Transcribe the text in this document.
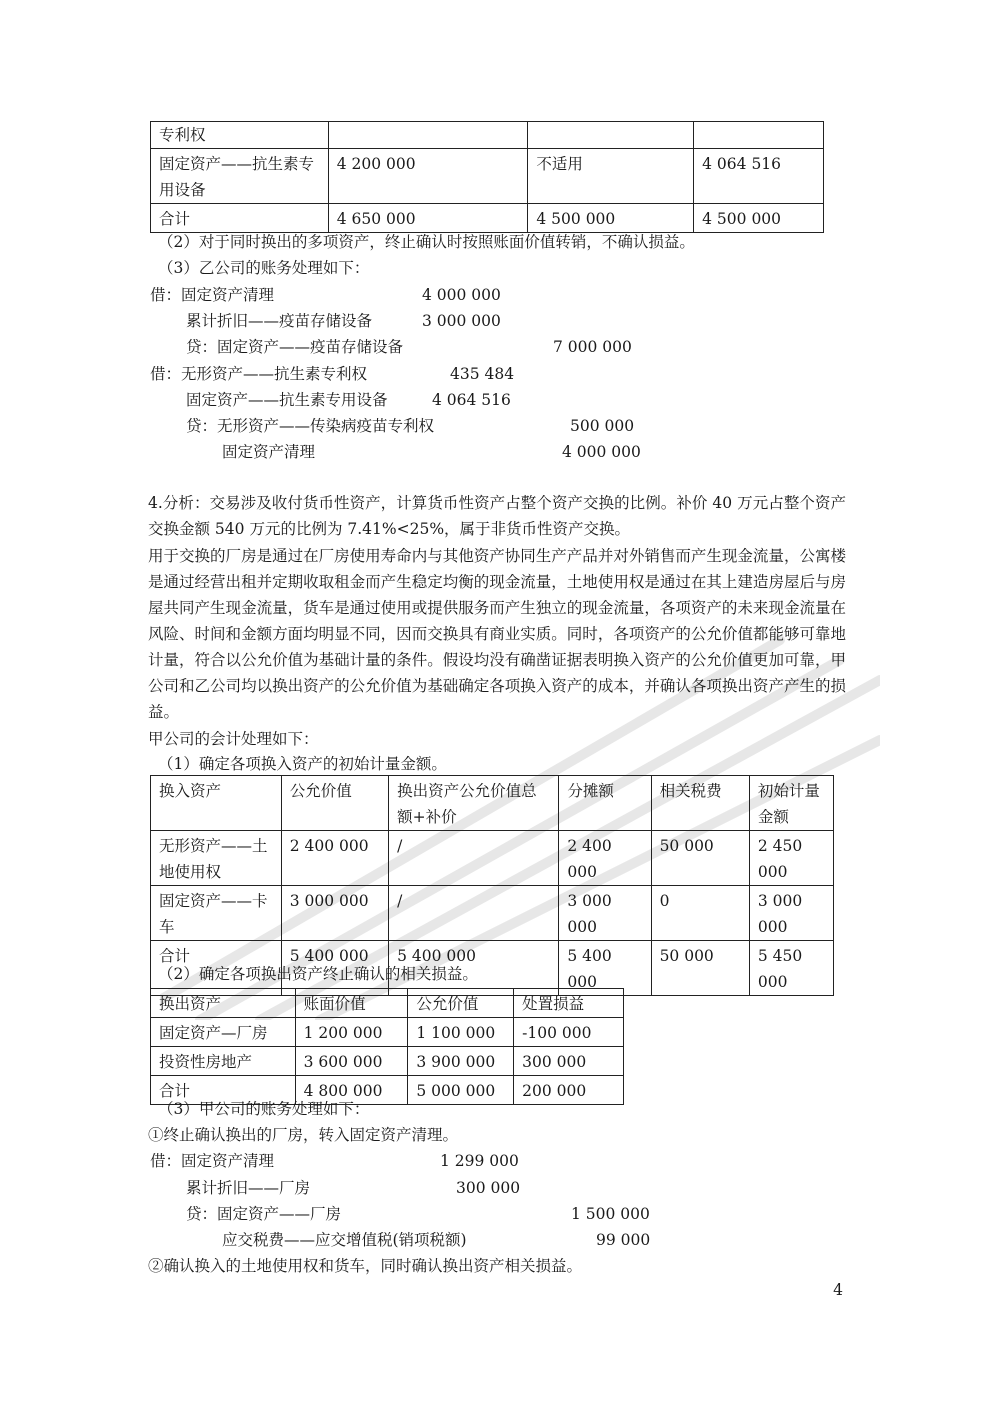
专利权			
固定资产——抗生素专用设备	4 200 000	不适用	4 064 516
合计	4 650 000	4 500 000	4 500 000
（2）对于同时换出的多项资产，终止确认时按照账面价值转销，不确认损益。
（3）乙公司的账务处理如下：
借：固定资产清理	4 000 000
累计折旧——疫苗存储设备	3 000 000
贷：固定资产——疫苗存储设备	7 000 000
借：无形资产——抗生素专利权	435 484
固定资产——抗生素专用设备	4 064 516
贷：无形资产——传染病疫苗专利权	500 000
固定资产清理	4 000 000
4.分析：交易涉及收付货币性资产，计算货币性资产占整个资产交换的比例。补价 40 万元占整个资产交换金额 540 万元的比例为 7.41%<25%，属于非货币性资产交换。
用于交换的厂房是通过在厂房使用寿命内与其他资产协同生产产品并对外销售而产生现金流量，公寓楼是通过经营出租并定期收取租金而产生稳定均衡的现金流量，土地使用权是通过在其上建造房屋后与房屋共同产生现金流量，货车是通过使用或提供服务而产生独立的现金流量，各项资产的未来现金流量在风险、时间和金额方面均明显不同，因而交换具有商业实质。同时，各项资产的公允价值都能够可靠地计量，符合以公允价值为基础计量的条件。假设均没有确凿证据表明换入资产的公允价值更加可靠，甲公司和乙公司均以换出资产的公允价值为基础确定各项换入资产的成本，并确认各项换出资产产生的损益。
甲公司的会计处理如下：
（1）确定各项换入资产的初始计量金额。
换入资产	公允价值	换出资产公允价值总额+补价	分摊额	相关税费	初始计量金额
无形资产——土地使用权	2 400 000	/	2 400 000	50 000	2 450 000
固定资产——卡车	3 000 000	/	3 000 000	0	3 000 000
合计	5 400 000	5 400 000	5 400 000	50 000	5 450 000
（2）确定各项换出资产终止确认的相关损益。
换出资产	账面价值	公允价值	处置损益
固定资产—厂房	1 200 000	1 100 000	-100 000
投资性房地产	3 600 000	3 900 000	300 000
合计	4 800 000	5 000 000	200 000
（3）甲公司的账务处理如下：
①终止确认换出的厂房，转入固定资产清理。
借：固定资产清理	1 299 000
累计折旧——厂房	300 000
贷：固定资产——厂房	1 500 000
应交税费——应交增值税(销项税额)	99 000
②确认换入的土地使用权和货车，同时确认换出资产相关损益。
4
